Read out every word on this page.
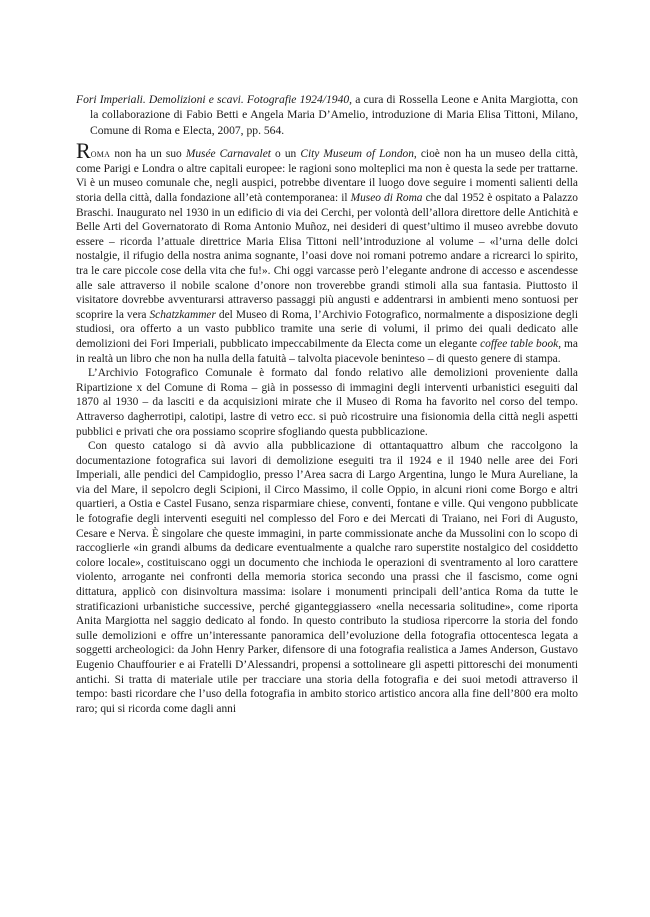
Fori Imperiali. Demolizioni e scavi. Fotografie 1924/1940, a cura di Rossella Leone e Anita Margiotta, con la collaborazione di Fabio Betti e Angela Maria D’Amelio, introduzione di Maria Elisa Tittoni, Milano, Comune di Roma e Electa, 2007, pp. 564.

Roma non ha un suo Musée Carnavalet o un City Museum of London, cioè non ha un museo della città, come Parigi e Londra o altre capitali europee: le ragioni sono molteplici ma non è questa la sede per trattarne. Vi è un museo comunale che, negli auspici, potrebbe diventare il luogo dove seguire i momenti salienti della storia della città, dalla fondazione all’età contemporanea: il Museo di Roma che dal 1952 è ospitato a Palazzo Braschi. Inaugurato nel 1930 in un edificio di via dei Cerchi, per volontà dell’allora direttore delle Antichità e Belle Arti del Governatorato di Roma Antonio Muñoz, nei desideri di quest’ultimo il museo avrebbe dovuto essere – ricorda l’attuale direttrice Maria Elisa Tittoni nell’introduzione al volume – «l’urna delle dolci nostalgie, il rifugio della nostra anima sognante, l’oasi dove noi romani potremo andare a ricrearci lo spirito, tra le care piccole cose della vita che fu!». Chi oggi varcasse però l’elegante androne di accesso e ascendesse alle sale attraverso il nobile scalone d’onore non troverebbe grandi stimoli alla sua fantasia. Piuttosto il visitatore dovrebbe avventurarsi attraverso passaggi più angusti e addentrarsi in ambienti meno sontuosi per scoprire la vera Schatzkammer del Museo di Roma, l’Archivio Fotografico, normalmente a disposizione degli studiosi, ora offerto a un vasto pubblico tramite una serie di volumi, il primo dei quali dedicato alle demolizioni dei Fori Imperiali, pubblicato impeccabilmente da Electa come un elegante coffee table book, ma in realtà un libro che non ha nulla della fatuità – talvolta piacevole beninteso – di questo genere di stampa.

L’Archivio Fotografico Comunale è formato dal fondo relativo alle demolizioni proveniente dalla Ripartizione x del Comune di Roma – già in possesso di immagini degli interventi urbanistici eseguiti dal 1870 al 1930 – da lasciti e da acquisizioni mirate che il Museo di Roma ha favorito nel corso del tempo. Attraverso dagherrotipi, calotipi, lastre di vetro ecc. si può ricostruire una fisionomia della città negli aspetti pubblici e privati che ora possiamo scoprire sfogliando questa pubblicazione.

Con questo catalogo si dà avvio alla pubblicazione di ottantaquattro album che raccolgono la documentazione fotografica sui lavori di demolizione eseguiti tra il 1924 e il 1940 nelle aree dei Fori Imperiali, alle pendici del Campidoglio, presso l’Area sacra di Largo Argentina, lungo le Mura Aureliane, la via del Mare, il sepolcro degli Scipioni, il Circo Massimo, il colle Oppio, in alcuni rioni come Borgo e altri quartieri, a Ostia e Castel Fusano, senza risparmiare chiese, conventi, fontane e ville. Qui vengono pubblicate le fotografie degli interventi eseguiti nel complesso del Foro e dei Mercati di Traiano, nei Fori di Augusto, Cesare e Nerva. È singolare che queste immagini, in parte commissionate anche da Mussolini con lo scopo di raccoglierle «in grandi albums da dedicare eventualmente a qualche raro superstite nostalgico del cosiddetto colore locale», costituiscano oggi un documento che inchioda le operazioni di sventramento al loro carattere violento, arrogante nei confronti della memoria storica secondo una prassi che il fascismo, come ogni dittatura, applicò con disinvoltura massima: isolare i monumenti principali dell’antica Roma da tutte le stratificazioni urbanistiche successive, perché giganteggiassero «nella necessaria solitudine», come riporta Anita Margiotta nel saggio dedicato al fondo. In questo contributo la studiosa ripercorre la storia del fondo sulle demolizioni e offre un’interessante panoramica dell’evoluzione della fotografia ottocentesca legata a soggetti archeologici: da John Henry Parker, difensore di una fotografia realistica a James Anderson, Gustavo Eugenio Chauffourier e ai Fratelli D’Alessandri, propensi a sottolineare gli aspetti pittoreschi dei monumenti antichi. Si tratta di materiale utile per tracciare una storia della fotografia e dei suoi metodi attraverso il tempo: basti ricordare che l’uso della fotografia in ambito storico artistico ancora alla fine dell’800 era molto raro; qui si ricorda come dagli anni
